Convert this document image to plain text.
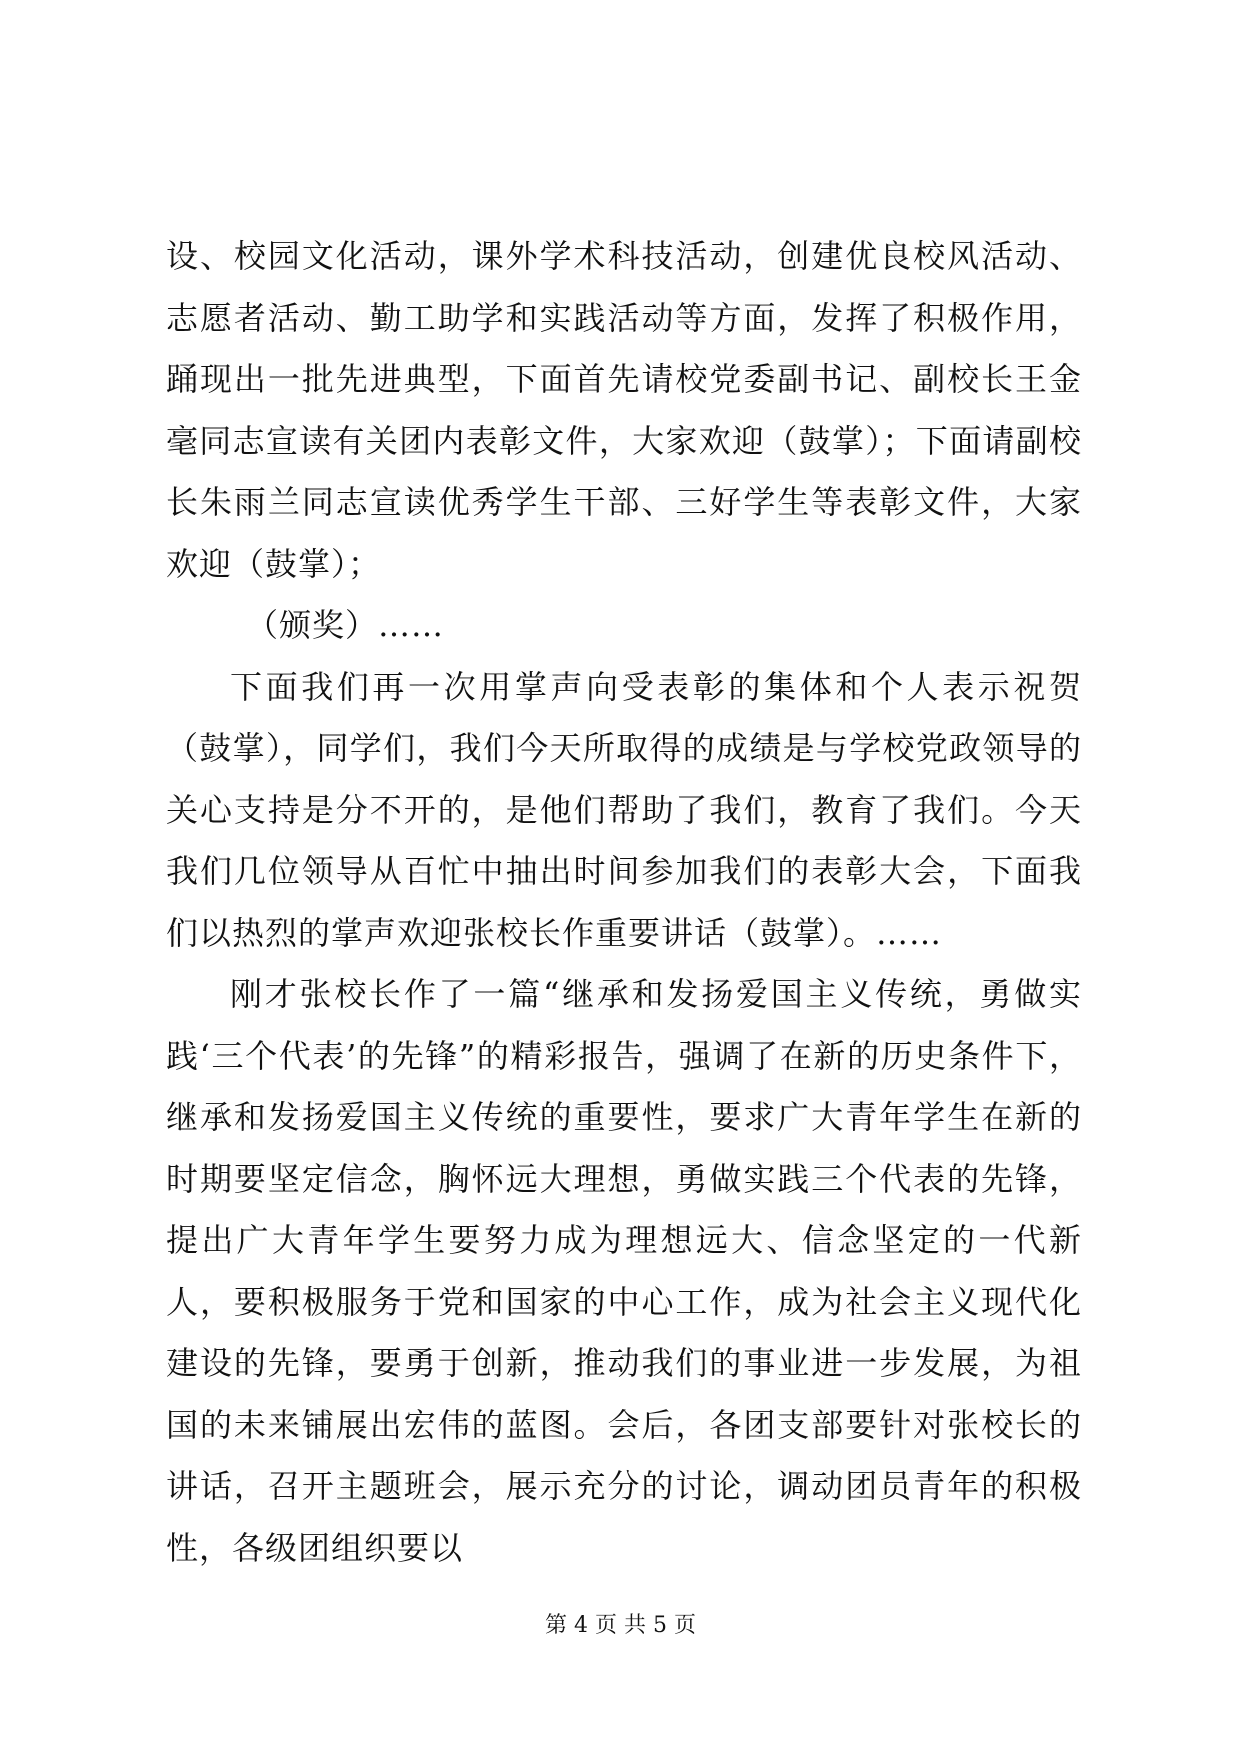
设、校园文化活动，课外学术科技活动，创建优良校风活动、志愿者活动、勤工助学和实践活动等方面，发挥了积极作用，踊现出一批先进典型，下面首先请校党委副书记、副校长王金毫同志宣读有关团内表彰文件，大家欢迎（鼓掌）；下面请副校长朱雨兰同志宣读优秀学生干部、三好学生等表彰文件，大家欢迎（鼓掌）；

（颁奖）……

下面我们再一次用掌声向受表彰的集体和个人表示祝贺（鼓掌），同学们，我们今天所取得的成绩是与学校党政领导的关心支持是分不开的，是他们帮助了我们，教育了我们。今天我们几位领导从百忙中抽出时间参加我们的表彰大会，下面我们以热烈的掌声欢迎张校长作重要讲话（鼓掌）。……

刚才张校长作了一篇“继承和发扬爱国主义传统，勇做实践‘三个代表’的先锋”的精彩报告，强调了在新的历史条件下，继承和发扬爱国主义传统的重要性，要求广大青年学生在新的时期要坚定信念，胸怀远大理想，勇做实践三个代表的先锋，提出广大青年学生要努力成为理想远大、信念坚定的一代新人，要积极服务于党和国家的中心工作，成为社会主义现代化建设的先锋，要勇于创新，推动我们的事业进一步发展，为祖国的未来铺展出宏伟的蓝图。会后，各团支部要针对张校长的讲话，召开主题班会，展示充分的讨论，调动团员青年的积极性，各级团组织要以

第 4 页 共 5 页
